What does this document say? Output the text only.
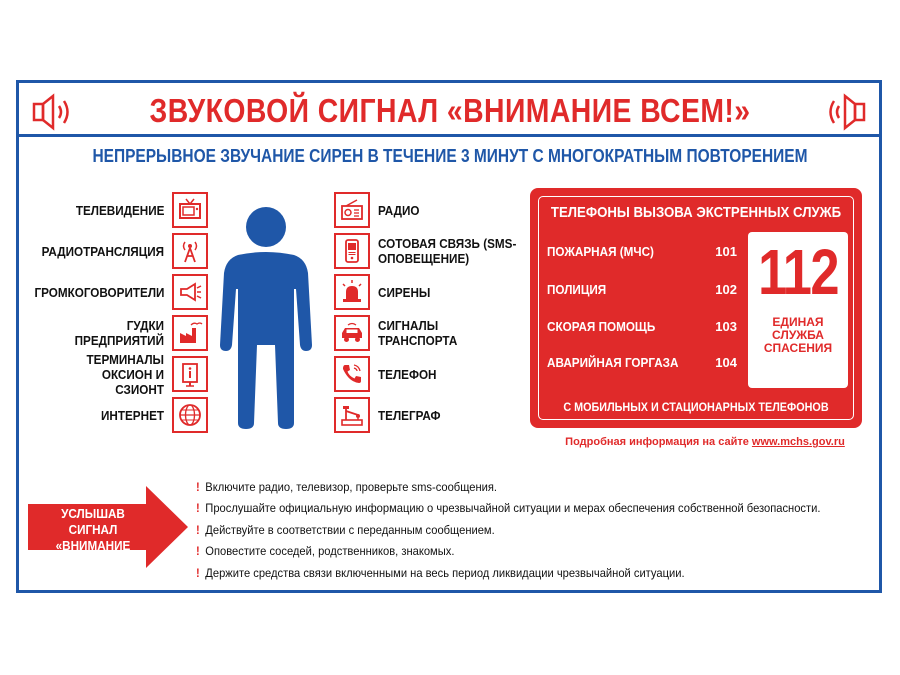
ЗВУКОВОЙ СИГНАЛ «ВНИМАНИЕ ВСЕМ!»
НЕПРЕРЫВНОЕ ЗВУЧАНИЕ СИРЕН В ТЕЧЕНИЕ 3 МИНУТ С МНОГОКРАТНЫМ ПОВТОРЕНИЕМ
ТЕЛЕВИДЕНИЕ
РАДИОТРАНСЛЯЦИЯ
ГРОМКОГОВОРИТЕЛИ
ГУДКИ ПРЕДПРИЯТИЙ
ТЕРМИНАЛЫ ОКСИОН И СЗИОНТ
ИНТЕРНЕТ
РАДИО
СОТОВАЯ СВЯЗЬ (SMS-ОПОВЕЩЕНИЕ)
СИРЕНЫ
СИГНАЛЫ ТРАНСПОРТА
ТЕЛЕФОН
ТЕЛЕГРАФ
ТЕЛЕФОНЫ ВЫЗОВА ЭКСТРЕННЫХ СЛУЖБ
ПОЖАРНАЯ (МЧС)	101
ПОЛИЦИЯ	102
СКОРАЯ ПОМОЩЬ	103
АВАРИЙНАЯ ГОРГАЗА	104
112
ЕДИНАЯ
СЛУЖБА
СПАСЕНИЯ
С МОБИЛЬНЫХ И СТАЦИОНАРНЫХ ТЕЛЕФОНОВ
Подробная информация на сайте www.mchs.gov.ru
УСЛЫШАВ СИГНАЛ
«ВНИМАНИЕ ВСЕМ!»
! Включите радио, телевизор, проверьте sms-сообщения.
! Прослушайте официальную информацию о чрезвычайной ситуации и мерах обеспечения собственной безопасности.
! Действуйте в соответствии с переданным сообщением.
! Оповестите соседей, родственников, знакомых.
! Держите средства связи включенными на весь период ликвидации чрезвычайной ситуации.
